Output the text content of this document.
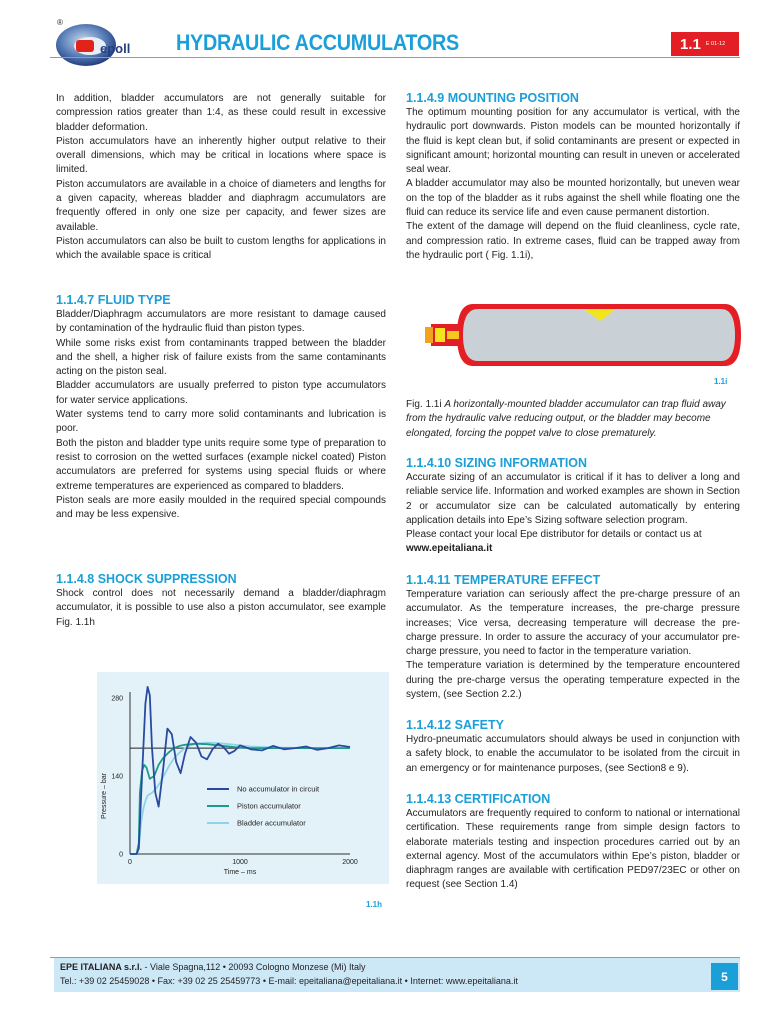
®
epoll HYDRAULIC ACCUMULATORS	1.1 E 01-12

In addition, bladder accumulators are not generally suitable for compression ratios greater than 1:4, as these could result in excessive bladder deformation.

Piston accumulators have an inherently higher output relative to their overall dimensions, which may be critical in locations where space is limited.

Piston accumulators are available in a choice of diameters and lengths for a given capacity, whereas bladder and diaphragm accumulators are frequently offered in only one size per capacity, and fewer sizes are available.

Piston accumulators can also be built to custom lengths for applications in which the available space is critical

1.1.4.7 FLUID TYPE

Bladder/Diaphragm accumulators are more resistant to damage caused by contamination of the hydraulic fluid than piston types.

While some risks exist from contaminants trapped between the bladder and the shell, a higher risk of failure exists from the same contaminants acting on the piston seal.

Bladder accumulators are usually preferred to piston type accumulators for water service applications.

Water systems tend to carry more solid contaminants and lubrication is poor.

Both the piston and bladder type units require some type of preparation to resist to corrosion on the wetted surfaces (example nickel coated) Piston accumulators are preferred for systems using special fluids or where extreme temperatures are experienced as compared to bladders.

Piston seals are more easily moulded in the required special compounds and may be less expensive.

1.1.4.8 SHOCK SUPPRESSION

Shock control does not necessarily demand a bladder/diaphragm accumulator, it is possible to use also a piston accumulator, see example Fig. 1.1h

0
140
280
0	1000	2000
Time – ms
Pressure – bar	No accumulator in circuit
Piston accumulator
Bladder accumulator
1.1h
1.1.4.9 MOUNTING POSITION

The optimum mounting position for any accumulator is vertical, with the hydraulic port downwards. Piston models can be mounted horizontally if the fluid is kept clean but, if solid contaminants are present or expected in significant amount; horizontal mounting can result in uneven or accelerated seal wear.

A bladder accumulator may also be mounted horizontally, but uneven wear on the top of the bladder as it rubs against the shell while floating one the fluid can reduce its service life and even cause permanent distortion.

The extent of the damage will depend on the fluid cleanliness, cycle rate, and compression ratio. In extreme cases, fluid can be trapped away from the hydraulic port ( Fig. 1.1i),

1.1i
Fig. 1.1i A horizontally-mounted bladder accumulator can trap fluid away from the hydraulic valve reducing output, or the bladder may become elongated, forcing the poppet valve to close prematurely.
1.1.4.10 SIZING INFORMATION

Accurate sizing of an accumulator is critical if it has to deliver a long and reliable service life. Information and worked examples are shown in Section 2 or accumulator size can be calculated automatically by entering application details into Epe’s Sizing software selection program.

Please contact your local Epe distributor for details or contact us at

www.epeitaliana.it

1.1.4.11 TEMPERATURE EFFECT

Temperature variation can seriously affect the pre-charge pressure of an accumulator. As the temperature increases, the pre-charge pressure increases; Vice versa, decreasing temperature will decrease the pre-charge pressure. In order to assure the accuracy of your accumulator pre-charge pressure, you need to factor in the temperature variation.

The temperature variation is determined by the temperature encountered during the pre-charge versus the operating temperature expected in the system, (see Section 2.2.)

1.1.4.12 SAFETY

Hydro-pneumatic accumulators should always be used in conjunction with a safety block, to enable the accumulator to be isolated from the circuit in an emergency or for maintenance purposes, (see Section8 e 9).

1.1.4.13 CERTIFICATION

Accumulators are frequently required to conform to national or international certification. These requirements range from simple design factors to elaborate materials testing and inspection procedures carried out by an external agency. Most of the accumulators within Epe’s piston, bladder or diaphragm ranges are available with certification PED97/23EC or other on request (see Section 1.4)

EPE ITALIANA s.r.l. - Viale Spagna,112 • 20093 Cologno Monzese (Mi) Italy
Tel.: +39 02 25459028 • Fax: +39 02 25 25459773 • E-mail: epeitaliana@epeitaliana.it • Internet: www.epeitaliana.it	5
